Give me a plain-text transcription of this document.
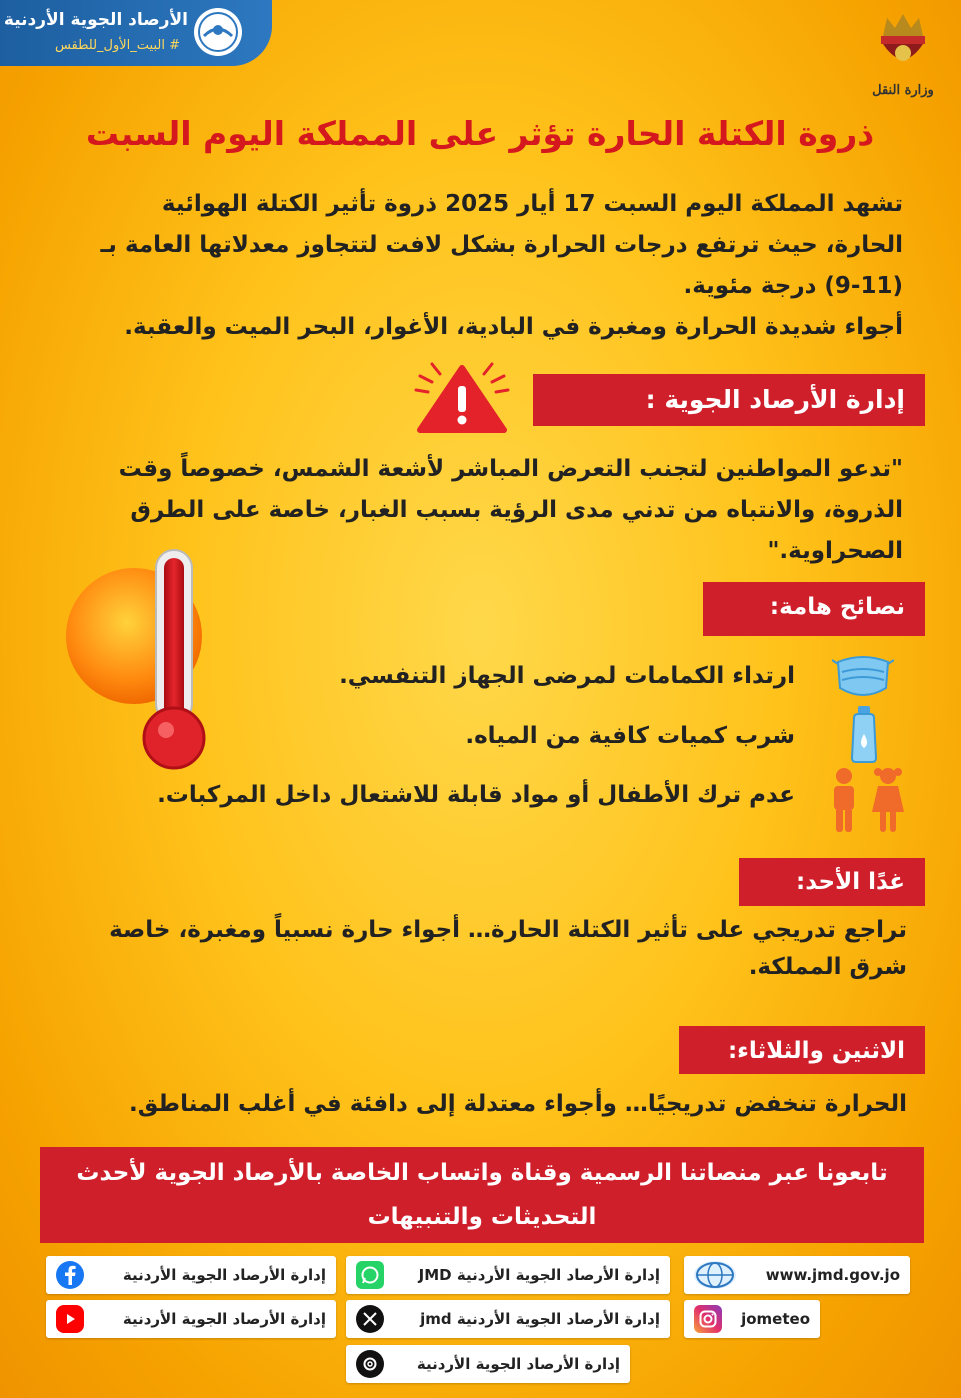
الأرصاد الجوية الأردنية
# البيت_الأول_للطقس
وزارة النقل
ذروة الكتلة الحارة تؤثر على المملكة اليوم السبت

تشهد المملكة اليوم السبت 17 أيار 2025 ذروة تأثير الكتلة الهوائية

الحارة، حيث ترتفع درجات الحرارة بشكل لافت لتتجاوز معدلاتها العامة بـ

(9-11) درجة مئوية.

أجواء شديدة الحرارة ومغبرة في البادية، الأغوار، البحر الميت والعقبة.

إدارة الأرصاد الجوية :

"تدعو المواطنين لتجنب التعرض المباشر لأشعة الشمس، خصوصاً وقت

الذروة، والانتباه من تدني مدى الرؤية بسبب الغبار، خاصة على الطرق

الصحراوية."

نصائح هامة:
ارتداء الكمامات لمرضى الجهاز التنفسي.
شرب كميات كافية من المياه.
عدم ترك الأطفال أو مواد قابلة للاشتعال داخل المركبات.
غدًا الأحد:

تراجع تدريجي على تأثير الكتلة الحارة… أجواء حارة نسبياً ومغبرة، خاصة

شرق المملكة.

الاثنين والثلاثاء:
الحرارة تنخفض تدريجيًا… وأجواء معتدلة إلى دافئة في أغلب المناطق.

تابعونا عبر منصاتنا الرسمية وقناة واتساب الخاصة بالأرصاد الجوية لأحدث

التحديثات والتنبيهات

www.jmd.gov.jo
إدارة الأرصاد الجوية الأردنية JMD
إدارة الأرصاد الجوية الأردنية
jometeo
إدارة الأرصاد الجوية الأردنية jmd
إدارة الأرصاد الجوية الأردنية
إدارة الأرصاد الجوية الأردنية
